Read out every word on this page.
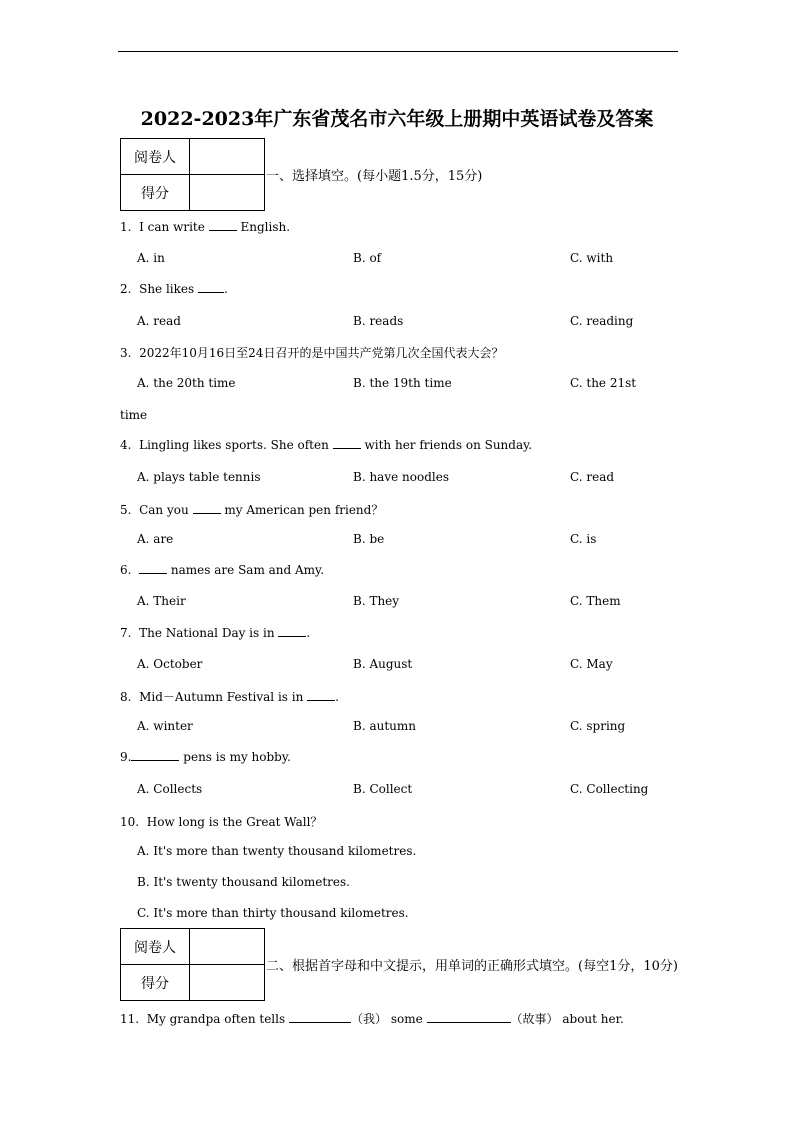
2022-2023年广东省茂名市六年级上册期中英语试卷及答案
阅卷人	
得分	
一、选择填空。(每小题1.5分，15分)
1. I can write	English.
A. in	B. of	C. with
2. She likes .
A. read	B. reads	C. reading
3. 2022年10月16日至24日召开的是中国共产党第几次全国代表大会？
A. the 20th time	B. the 19th time	C. the 21st
time
4. Lingling likes sports. She often	with her friends on Sunday.
A. plays table tennis	B. have noodles	C. read
5. Can you	my American pen friend？
A. are	B. be	C. is
6.	names are Sam and Amy.
A. Their	B. They	C. Them
7. The National Day is in	.
A. October	B. August	C. May
8. Mid－Autumn Festival is in	.
A. winter	B. autumn	C. spring
9.	pens is my hobby.
A. Collects	B. Collect	C. Collecting
10. How long is the Great Wall？
A. It's more than twenty thousand kilometres.
B. It's twenty thousand kilometres.
C. It's more than thirty thousand kilometres.
阅卷人	
得分	
二、根据首字母和中文提示，用单词的正确形式填空。(每空1分，10分)
11. My grandpa often tells	（我） some	（故事） about her.
